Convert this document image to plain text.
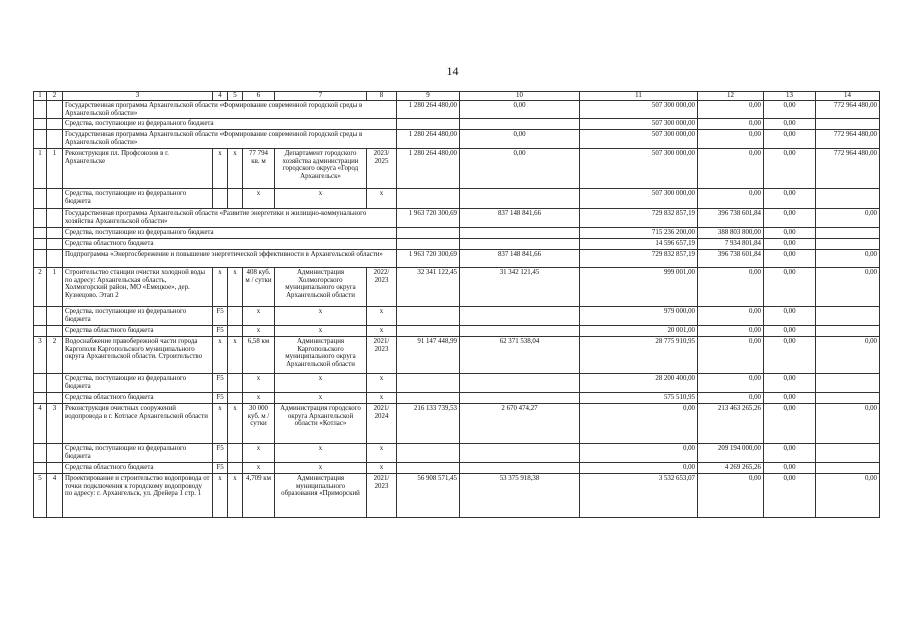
14
1	2	3	4	5	6	7	8	9	10	11	12	13	14
		Государственная программа Архангельской области «Формирование современной городской среды в Архангельской области»						1 280 264 480,00	0,00	507 300 000,00	0,00	0,00	772 964 480,00
		Средства, поступающие из федерального бюджета								507 300 000,00	0,00	0,00	
		Государственная программа Архангельской области «Формирование современной городской среды в Архангельской области»						1 280 264 480,00	0,00	507 300 000,00	0,00	0,00	772 964 480,00
1	1	Реконструкция пл. Профсоюзов в г. Архангельске	х	х	77 794 кв. м	Департамент городского хозяйства администрации городского округа «Город Архангельск»	2023/ 2025	1 280 264 480,00	0,00	507 300 000,00	0,00	0,00	772 964 480,00
		Средства, поступающие из федерального бюджета			х	х	х			507 300 000,00	0,00	0,00	
		Государственная программа Архангельской области «Развитие энергетики и жилищно-коммунального хозяйства Архангельской области»						1 963 720 300,69	837 148 841,66	729 832 857,19	396 738 601,84	0,00	0,00
		Средства, поступающие из федерального бюджета								715 236 200,00	388 803 800,00	0,00	
		Средства областного бюджета								14 596 657,19	7 934 801,84	0,00	
		Подпрограмма «Энергосбережение и повышение энергетической эффективности в Архангельской области»						1 963 720 300,69	837 148 841,66	729 832 857,19	396 738 601,84	0,00	0,00
2	1	Строительство станции очистки холодной воды по адресу: Архангельская область, Холмогорский район, МО «Емецкое», дер. Кузнецово. Этап 2	х	х	408 куб. м / сутки	Администрация Холмогорского муниципального округа Архангельской области	2022/ 2023	32 341 122,45	31 342 121,45	999 001,00	0,00	0,00	0,00
		Средства, поступающие из федерального бюджета	F5		х	х	х			979 000,00	0,00	0,00	
		Средства областного бюджета	F5		х	х	х			20 001,00	0,00	0,00	
3	2	Водоснабжение правобережной части города Каргополя Каргопольского муниципального округа Архангельской области. Строительство	х	х	6,58 км	Администрация Каргопольского муниципального округа Архангельской области	2021/ 2023	91 147 448,99	62 371 538,04	28 775 910,95	0,00	0,00	0,00
		Средства, поступающие из федерального бюджета	F5		х	х	х			28 200 400,00	0,00	0,00	
		Средства областного бюджета	F5		х	х	х			575 510,95	0,00	0,00	
4	3	Реконструкция очистных сооружений водопровода в г. Котласе Архангельской области	х	х	30 000 куб. м / сутки	Администрация городского округа Архангельской области «Котлас»	2021/ 2024	216 133 739,53	2 670 474,27	0,00	213 463 265,26	0,00	0,00
		Средства, поступающие из федерального бюджета	F5		х	х	х			0,00	209 194 000,00	0,00	
		Средства областного бюджета	F5		х	х	х			0,00	4 269 265,26	0,00	
5	4	Проектирование и строительство водопровода от точки подключения к городскому водопроводу по адресу: г. Архангельск, ул. Дрейера 1 стр. 1	х	х	4,709 км	Администрация муниципального образования «Приморский	2021/ 2023	56 908 571,45	53 375 918,38	3 532 653,07	0,00	0,00	0,00
